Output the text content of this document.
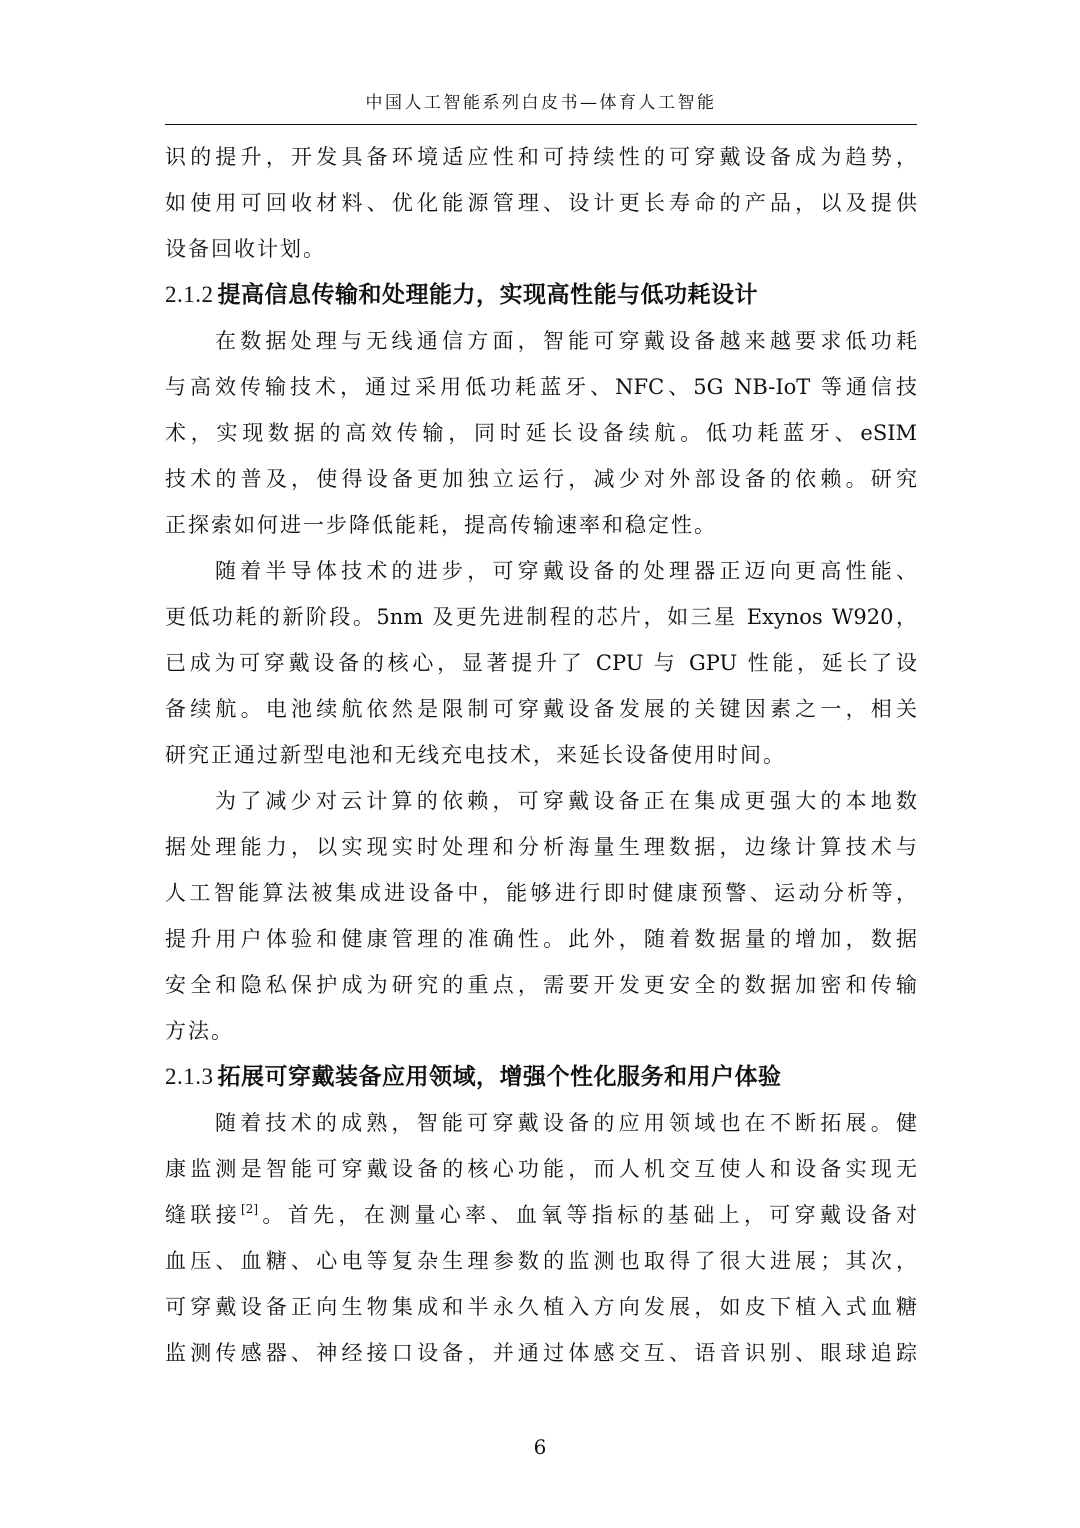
中国人工智能系列白皮书—体育人工智能
识的提升，开发具备环境适应性和可持续性的可穿戴设备成为趋势，
如使用可回收材料、优化能源管理、设计更长寿命的产品，以及提供
设备回收计划。
2.1.2 提高信息传输和处理能力，实现高性能与低功耗设计
在数据处理与无线通信方面，智能可穿戴设备越来越要求低功耗
与高效传输技术，通过采用低功耗蓝牙、NFC、5G NB-IoT 等通信技
术，实现数据的高效传输，同时延长设备续航。低功耗蓝牙、eSIM
技术的普及，使得设备更加独立运行，减少对外部设备的依赖。研究
正探索如何进一步降低能耗，提高传输速率和稳定性。
随着半导体技术的进步，可穿戴设备的处理器正迈向更高性能、
更低功耗的新阶段。5nm 及更先进制程的芯片，如三星 Exynos W920，
已成为可穿戴设备的核心，显著提升了 CPU 与 GPU 性能，延长了设
备续航。电池续航依然是限制可穿戴设备发展的关键因素之一，相关
研究正通过新型电池和无线充电技术，来延长设备使用时间。
为了减少对云计算的依赖，可穿戴设备正在集成更强大的本地数
据处理能力，以实现实时处理和分析海量生理数据，边缘计算技术与
人工智能算法被集成进设备中，能够进行即时健康预警、运动分析等，
提升用户体验和健康管理的准确性。此外，随着数据量的增加，数据
安全和隐私保护成为研究的重点，需要开发更安全的数据加密和传输
方法。
2.1.3 拓展可穿戴装备应用领域，增强个性化服务和用户体验
随着技术的成熟，智能可穿戴设备的应用领域也在不断拓展。健
康监测是智能可穿戴设备的核心功能，而人机交互使人和设备实现无
缝联接[2]。首先，在测量心率、血氧等指标的基础上，可穿戴设备对
血压、血糖、心电等复杂生理参数的监测也取得了很大进展；其次，
可穿戴设备正向生物集成和半永久植入方向发展，如皮下植入式血糖
监测传感器、神经接口设备，并通过体感交互、语音识别、眼球追踪
6
